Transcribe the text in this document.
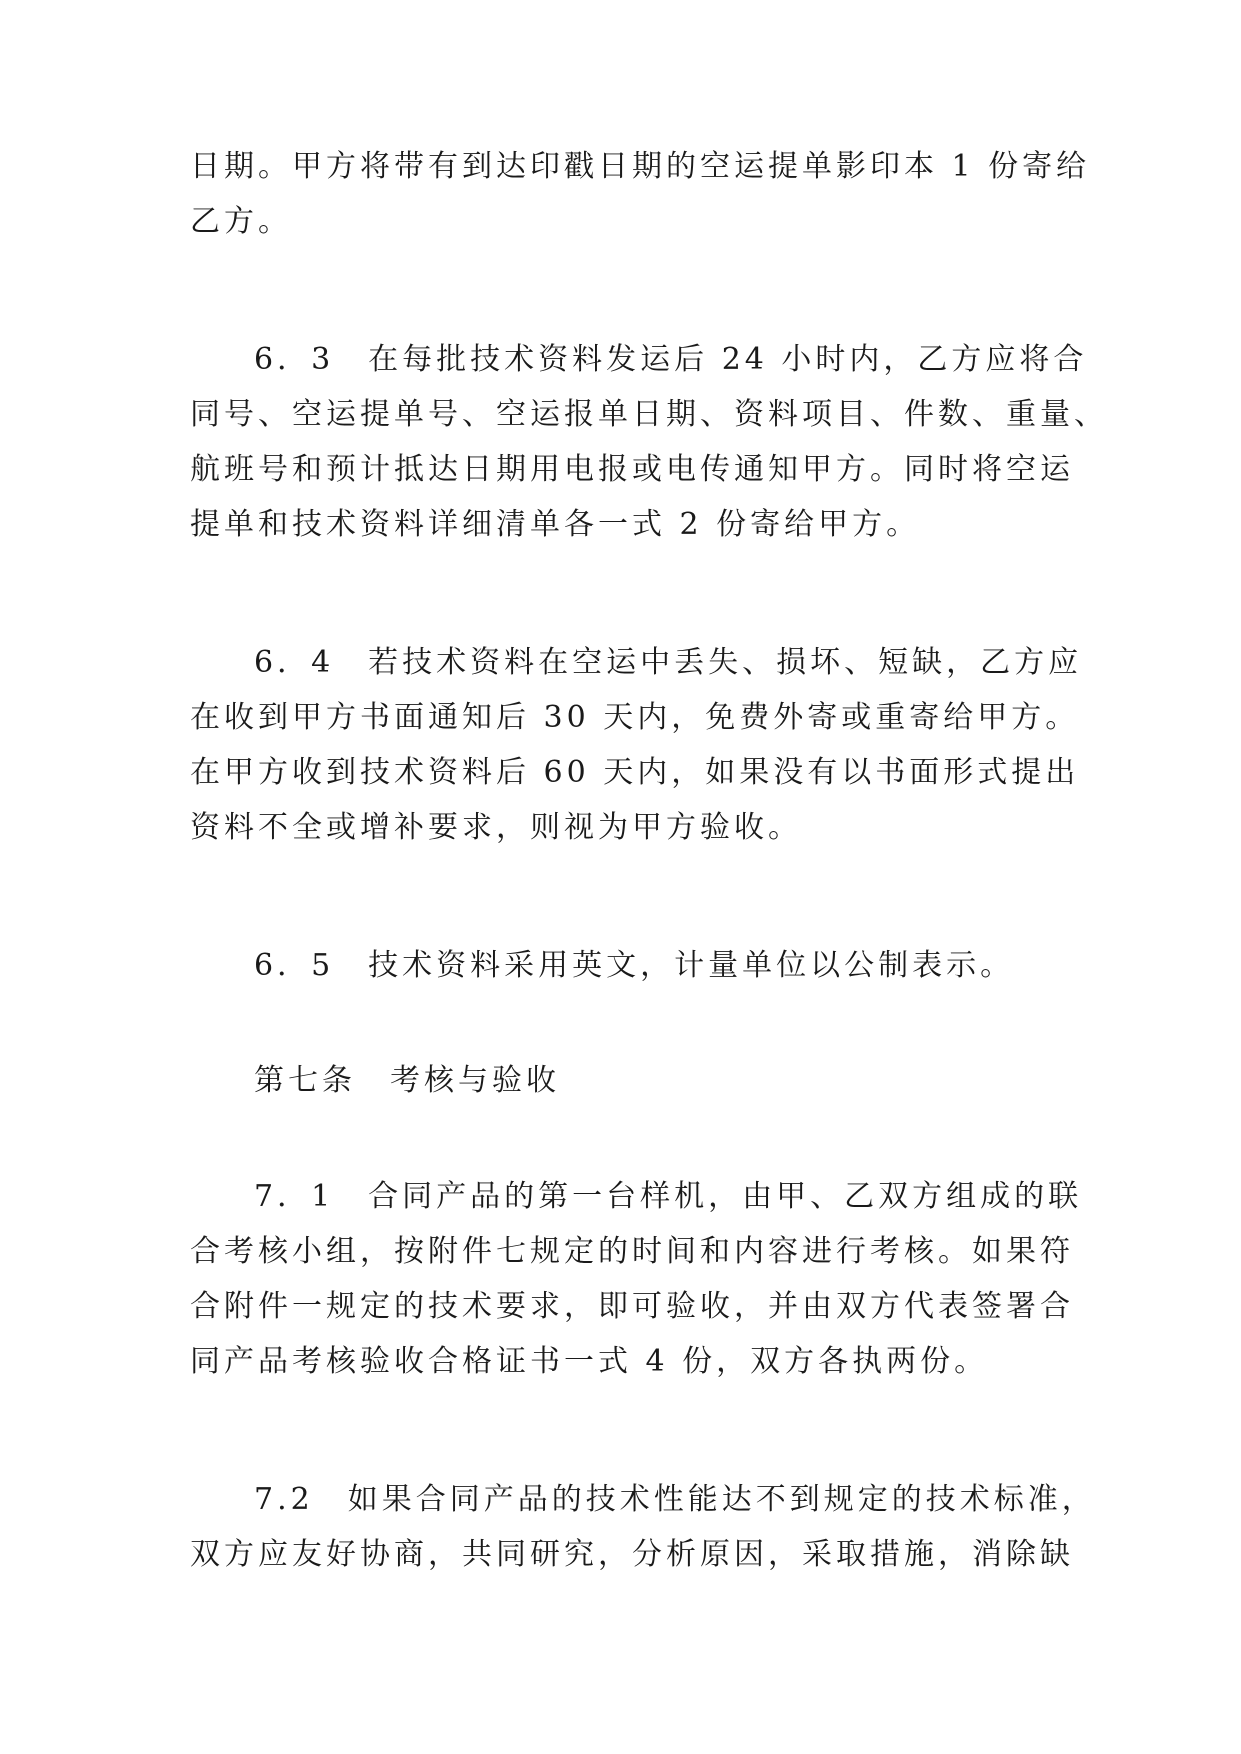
日期。甲方将带有到达印戳日期的空运提单影印本 1 份寄给
乙方。
6．3　在每批技术资料发运后 24 小时内，乙方应将合
同号、空运提单号、空运报单日期、资料项目、件数、重量、
航班号和预计抵达日期用电报或电传通知甲方。同时将空运
提单和技术资料详细清单各一式 2 份寄给甲方。
6．4　若技术资料在空运中丢失、损坏、短缺，乙方应
在收到甲方书面通知后 30 天内，免费外寄或重寄给甲方。
在甲方收到技术资料后 60 天内，如果没有以书面形式提出
资料不全或增补要求，则视为甲方验收。
6．5　技术资料采用英文，计量单位以公制表示。
第七条　考核与验收
7．1　合同产品的第一台样机，由甲、乙双方组成的联
合考核小组，按附件七规定的时间和内容进行考核。如果符
合附件一规定的技术要求，即可验收，并由双方代表签署合
同产品考核验收合格证书一式 4 份，双方各执两份。
7.2　如果合同产品的技术性能达不到规定的技术标准，
双方应友好协商，共同研究，分析原因，采取措施，消除缺
